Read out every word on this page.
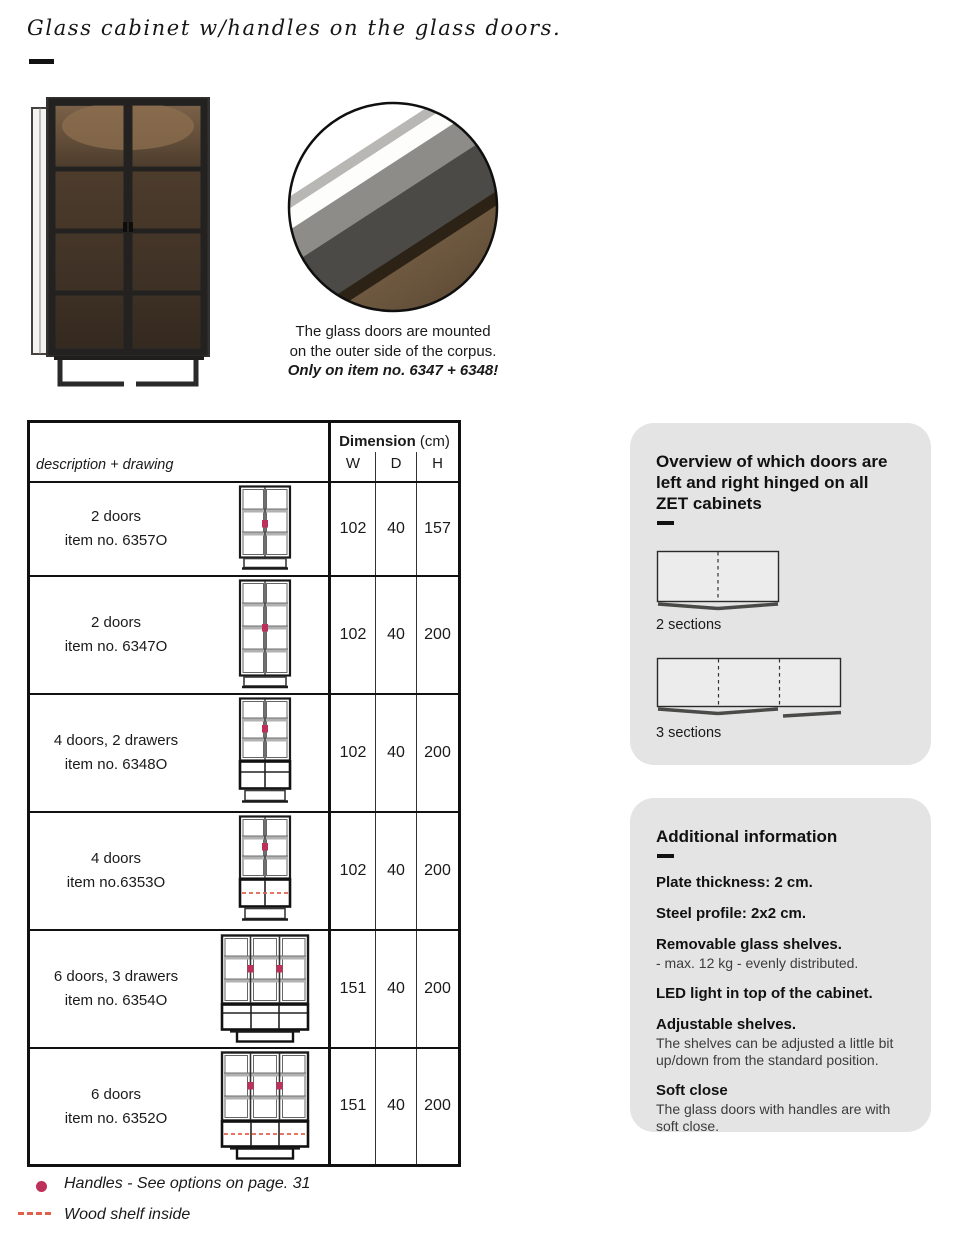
Glass cabinet w/handles on the glass doors.
The glass doors are mounted
on the outer side of the corpus.
Only on item no. 6347 + 6348!
description + drawing	Dimension (cm)		
	W	D	H

2 doors
item no. 6357O	102	40	157

2 doors
item no. 6347O	102	40	200

4 doors, 2 drawers
item no. 6348O	102	40	200

4 doors
item no.6353O	102	40	200

6 doors, 3 drawers
item no. 6354O	151	40	200

6 doors
item no. 6352O	151	40	200
Handles - See options on page. 31
Wood shelf inside
Overview of which doors are left and right hinged on all ZET cabinets
2 sections
3 sections
Additional information
Plate thickness: 2 cm.
Steel profile: 2x2 cm.
Removable glass shelves.
- max. 12 kg - evenly distributed.
LED light in top of the cabinet.
Adjustable shelves.
The shelves can be adjusted a little bit up/down from the standard position.
Soft close
The glass doors with handles are with soft close.
